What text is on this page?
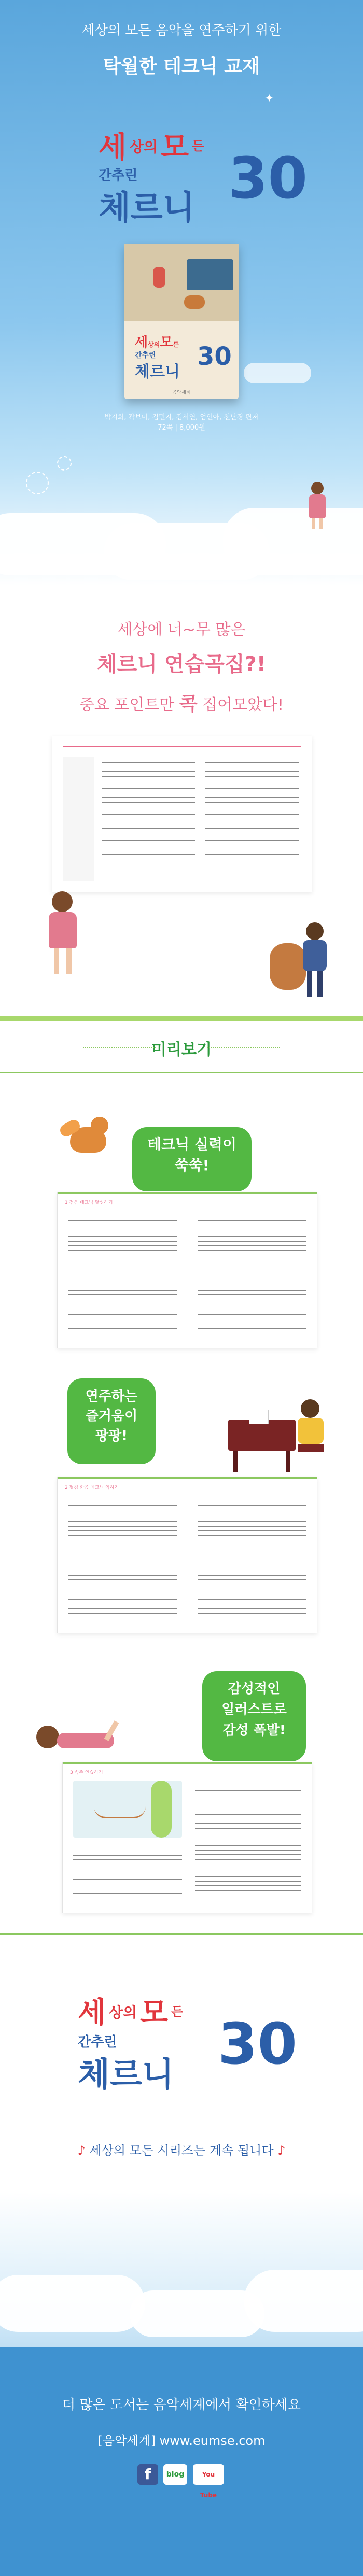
세상의 모든 음악을 연주하기 위한
탁월한 테크닉 교재
✦
세 상의 모 든
간추린
체르니 30
세상의모든
간추린
체르니
30
음악세계
박지희, 곽보미, 김민지, 김서연, 엄인아, 천난경 편저
72쪽 | 8,000원
세상에 너~무 많은
체르니 연습곡집?!
중요 포인트만 콕 집어모았다!
미리보기
테크닉 실력이
쑥쑥!
1 점음 테크닉 달성하기
연주하는
즐거움이
팡팡!
2 펼침 화음 테크닉 익히기
감성적인
일러스트로
감성 폭발!
3 속주 연습하기
세 상의 모 든
간추린
체르니 30
♪ 세상의 모든 시리즈는 계속 됩니다 ♪
더 많은 도서는 음악세계에서 확인하세요
[음악세계] www.eumse.com
f	blog	You Tube
